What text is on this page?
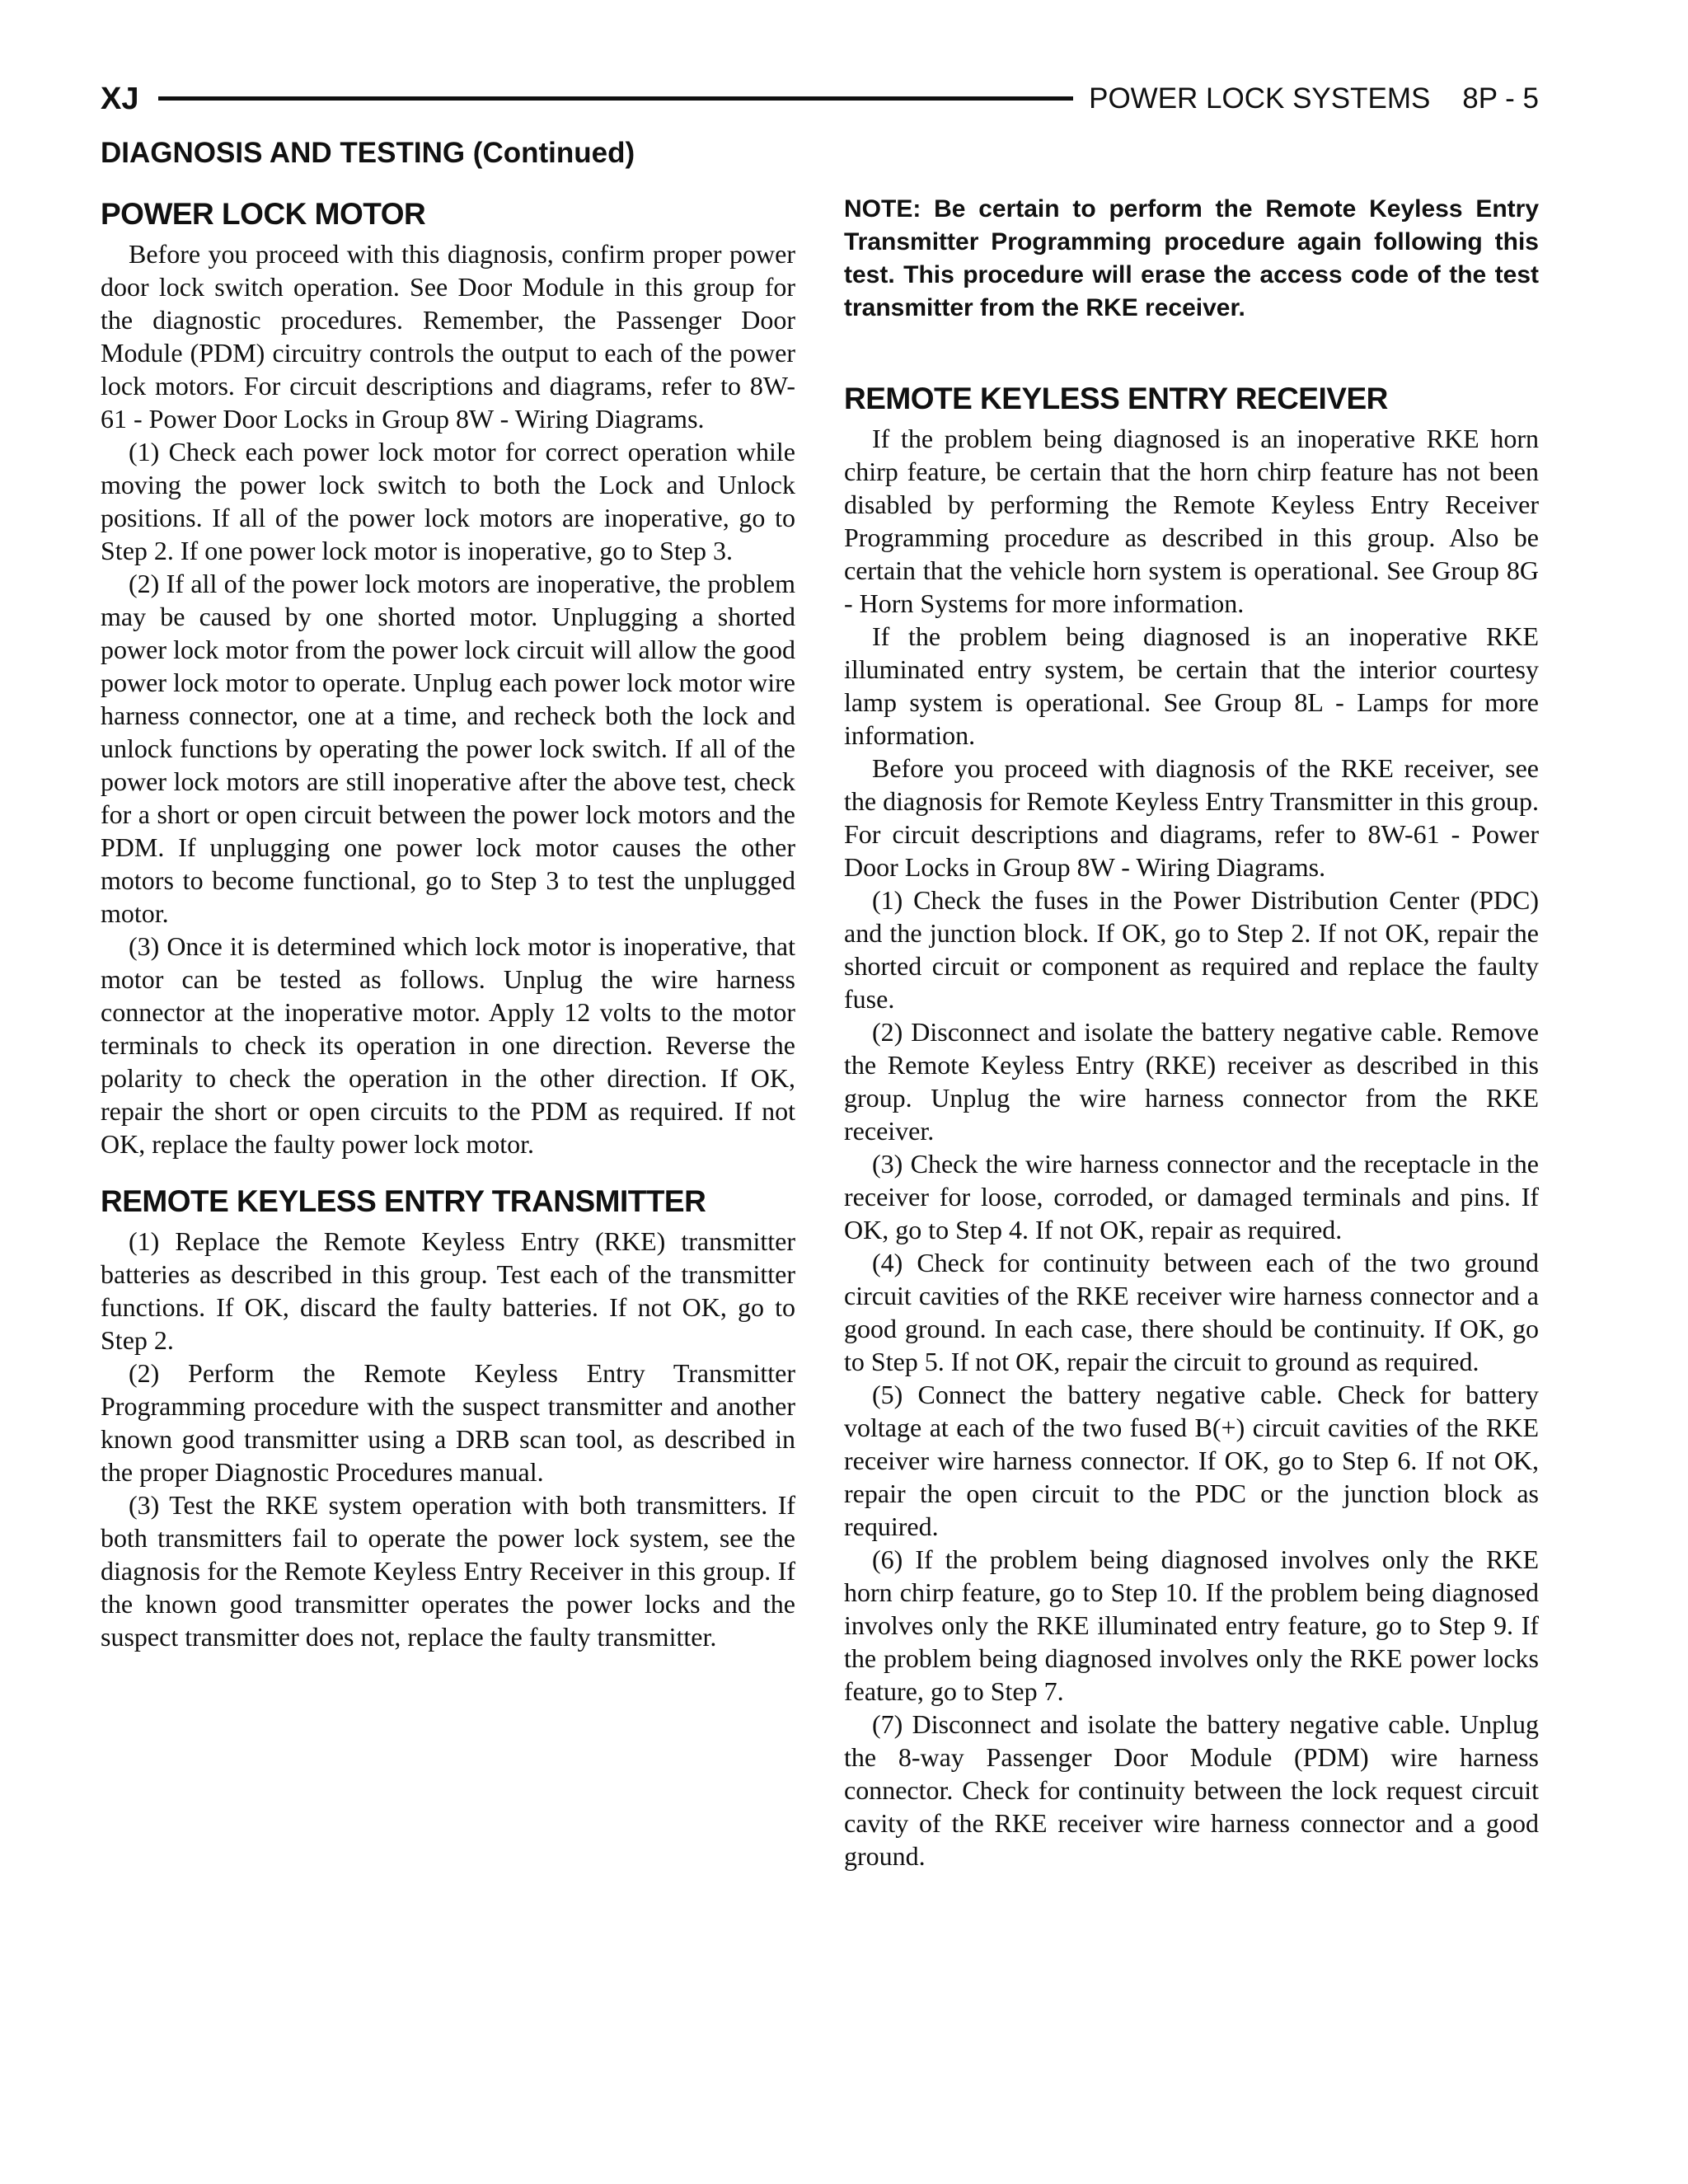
XJ	POWER LOCK SYSTEMS    8P - 5
DIAGNOSIS AND TESTING (Continued)
POWER LOCK MOTOR

Before you proceed with this diagnosis, confirm proper power door lock switch operation. See Door Module in this group for the diagnostic procedures. Remember, the Passenger Door Module (PDM) circuitry controls the output to each of the power lock motors. For circuit descriptions and diagrams, refer to 8W-61 - Power Door Locks in Group 8W - Wiring Diagrams.

(1) Check each power lock motor for correct operation while moving the power lock switch to both the Lock and Unlock positions. If all of the power lock motors are inoperative, go to Step 2. If one power lock motor is inoperative, go to Step 3.

(2) If all of the power lock motors are inoperative, the problem may be caused by one shorted motor. Unplugging a shorted power lock motor from the power lock circuit will allow the good power lock motor to operate. Unplug each power lock motor wire harness connector, one at a time, and recheck both the lock and unlock functions by operating the power lock switch. If all of the power lock motors are still inoperative after the above test, check for a short or open circuit between the power lock motors and the PDM. If unplugging one power lock motor causes the other motors to become functional, go to Step 3 to test the unplugged motor.

(3) Once it is determined which lock motor is inoperative, that motor can be tested as follows. Unplug the wire harness connector at the inoperative motor. Apply 12 volts to the motor terminals to check its operation in one direction. Reverse the polarity to check the operation in the other direction. If OK, repair the short or open circuits to the PDM as required. If not OK, replace the faulty power lock motor.

REMOTE KEYLESS ENTRY TRANSMITTER

(1) Replace the Remote Keyless Entry (RKE) transmitter batteries as described in this group. Test each of the transmitter functions. If OK, discard the faulty batteries. If not OK, go to Step 2.

(2) Perform the Remote Keyless Entry Transmitter Programming procedure with the suspect transmitter and another known good transmitter using a DRB scan tool, as described in the proper Diagnostic Procedures manual.

(3) Test the RKE system operation with both transmitters. If both transmitters fail to operate the power lock system, see the diagnosis for the Remote Keyless Entry Receiver in this group. If the known good transmitter operates the power locks and the suspect transmitter does not, replace the faulty transmitter.

NOTE: Be certain to perform the Remote Keyless Entry Transmitter Programming procedure again following this test. This procedure will erase the access code of the test transmitter from the RKE receiver.

REMOTE KEYLESS ENTRY RECEIVER

If the problem being diagnosed is an inoperative RKE horn chirp feature, be certain that the horn chirp feature has not been disabled by performing the Remote Keyless Entry Receiver Programming procedure as described in this group. Also be certain that the vehicle horn system is operational. See Group 8G - Horn Systems for more information.

If the problem being diagnosed is an inoperative RKE illuminated entry system, be certain that the interior courtesy lamp system is operational. See Group 8L - Lamps for more information.

Before you proceed with diagnosis of the RKE receiver, see the diagnosis for Remote Keyless Entry Transmitter in this group. For circuit descriptions and diagrams, refer to 8W-61 - Power Door Locks in Group 8W - Wiring Diagrams.

(1) Check the fuses in the Power Distribution Center (PDC) and the junction block. If OK, go to Step 2. If not OK, repair the shorted circuit or component as required and replace the faulty fuse.

(2) Disconnect and isolate the battery negative cable. Remove the Remote Keyless Entry (RKE) receiver as described in this group. Unplug the wire harness connector from the RKE receiver.

(3) Check the wire harness connector and the receptacle in the receiver for loose, corroded, or damaged terminals and pins. If OK, go to Step 4. If not OK, repair as required.

(4) Check for continuity between each of the two ground circuit cavities of the RKE receiver wire harness connector and a good ground. In each case, there should be continuity. If OK, go to Step 5. If not OK, repair the circuit to ground as required.

(5) Connect the battery negative cable. Check for battery voltage at each of the two fused B(+) circuit cavities of the RKE receiver wire harness connector. If OK, go to Step 6. If not OK, repair the open circuit to the PDC or the junction block as required.

(6) If the problem being diagnosed involves only the RKE horn chirp feature, go to Step 10. If the problem being diagnosed involves only the RKE illuminated entry feature, go to Step 9. If the problem being diagnosed involves only the RKE power locks feature, go to Step 7.

(7) Disconnect and isolate the battery negative cable. Unplug the 8-way Passenger Door Module (PDM) wire harness connector. Check for continuity between the lock request circuit cavity of the RKE receiver wire harness connector and a good ground.
